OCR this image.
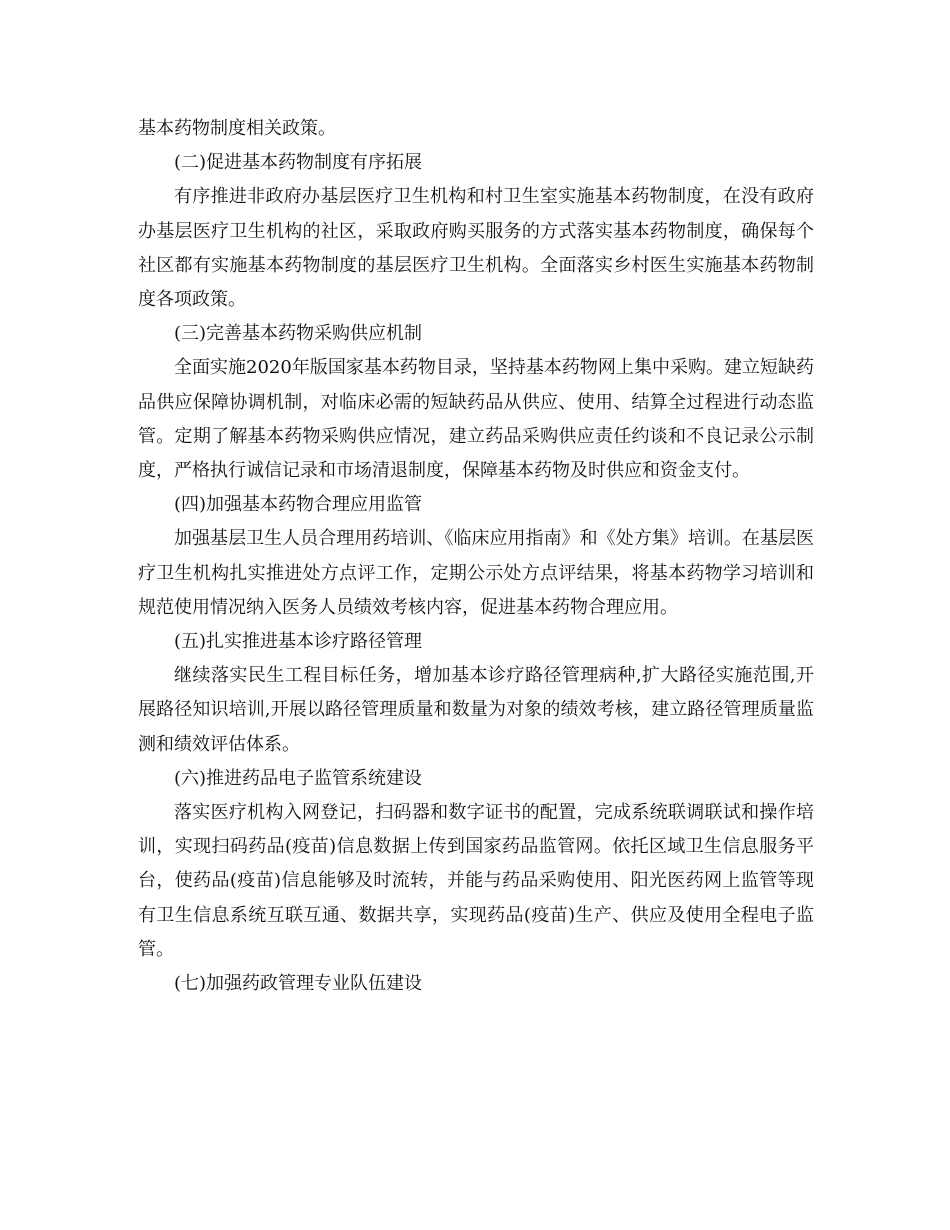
基本药物制度相关政策。

(二)促进基本药物制度有序拓展

有序推进非政府办基层医疗卫生机构和村卫生室实施基本药物制度，在没有政府办基层医疗卫生机构的社区，采取政府购买服务的方式落实基本药物制度，确保每个社区都有实施基本药物制度的基层医疗卫生机构。全面落实乡村医生实施基本药物制度各项政策。

(三)完善基本药物采购供应机制

全面实施2020年版国家基本药物目录，坚持基本药物网上集中采购。建立短缺药品供应保障协调机制，对临床必需的短缺药品从供应、使用、结算全过程进行动态监管。定期了解基本药物采购供应情况，建立药品采购供应责任约谈和不良记录公示制度，严格执行诚信记录和市场清退制度，保障基本药物及时供应和资金支付。

(四)加强基本药物合理应用监管

加强基层卫生人员合理用药培训、《临床应用指南》和《处方集》培训。在基层医疗卫生机构扎实推进处方点评工作，定期公示处方点评结果，将基本药物学习培训和规范使用情况纳入医务人员绩效考核内容，促进基本药物合理应用。

(五)扎实推进基本诊疗路径管理

继续落实民生工程目标任务，增加基本诊疗路径管理病种,扩大路径实施范围,开展路径知识培训,开展以路径管理质量和数量为对象的绩效考核，建立路径管理质量监测和绩效评估体系。

(六)推进药品电子监管系统建设

落实医疗机构入网登记，扫码器和数字证书的配置，完成系统联调联试和操作培训，实现扫码药品(疫苗)信息数据上传到国家药品监管网。依托区域卫生信息服务平台，使药品(疫苗)信息能够及时流转，并能与药品采购使用、阳光医药网上监管等现有卫生信息系统互联互通、数据共享，实现药品(疫苗)生产、供应及使用全程电子监管。

(七)加强药政管理专业队伍建设
